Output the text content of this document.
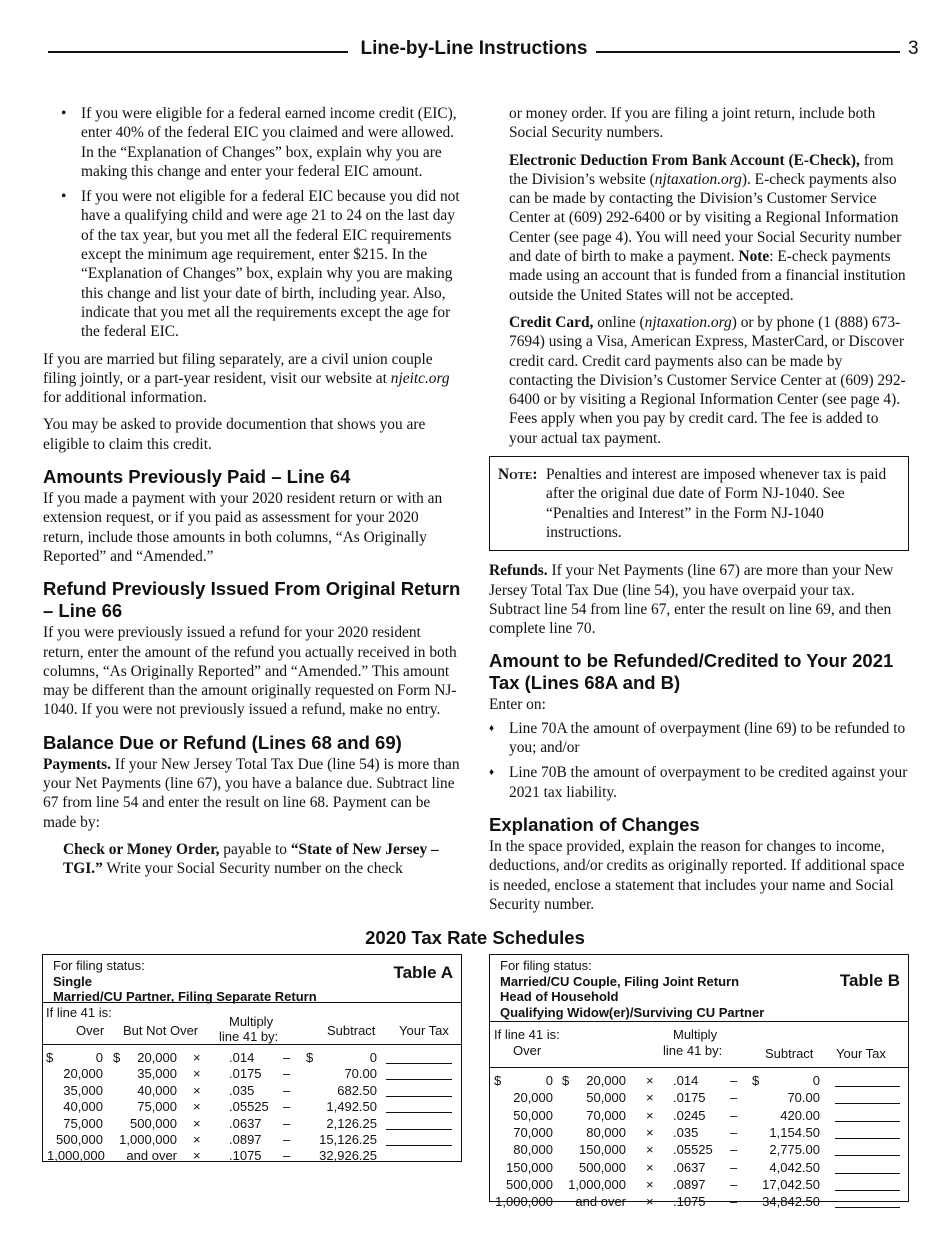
Line-by-Line Instructions	3
• If you were eligible for a federal earned income credit (EIC), enter 40% of the federal EIC you claimed and were allowed. In the “Explanation of Changes” box, explain why you are making this change and enter your federal EIC amount.
• If you were not eligible for a federal EIC because you did not have a qualifying child and were age 21 to 24 on the last day of the tax year, but you met all the federal EIC requirements except the minimum age requirement, enter $215. In the “Explanation of Changes” box, explain why you are making this change and list your date of birth, including year. Also, indicate that you met all the requirements except the age for the federal EIC.

If you are married but filing separately, are a civil union couple filing jointly, or a part-year resident, visit our website at njeitc.org for additional information.

You may be asked to provide documention that shows you are eligible to claim this credit.

Amounts Previously Paid – Line 64

If you made a payment with your 2020 resident return or with an extension request, or if you paid as assessment for your 2020 return, include those amounts in both columns, “As Originally Reported” and “Amended.”

Refund Previously Issued From Original Return – Line 66

If you were previously issued a refund for your 2020 resident return, enter the amount of the refund you actually received in both columns, “As Originally Reported” and “Amended.” This amount may be different than the amount originally requested on Form NJ-1040. If you were not previously issued a refund, make no entry.

Balance Due or Refund (Lines 68 and 69)

Payments. If your New Jersey Total Tax Due (line 54) is more than your Net Payments (line 67), you have a balance due. Subtract line 67 from line 54 and enter the result on line 68. Payment can be made by:

Check or Money Order, payable to “State of New Jersey – TGI.” Write your Social Security number on the check

or money order. If you are filing a joint return, include both Social Security numbers.

Electronic Deduction From Bank Account (E-Check), from the Division’s website (njtaxation.org). E-check payments also can be made by contacting the Division’s Customer Service Center at (609) 292-6400 or by visiting a Regional Information Center (see page 4). You will need your Social Security number and date of birth to make a payment. Note: E-check payments made using an account that is funded from a financial institution outside the United States will not be accepted.

Credit Card, online (njtaxation.org) or by phone (1 (888) 673-7694) using a Visa, American Express, MasterCard, or Discover credit card. Credit card payments also can be made by contacting the Division’s Customer Service Center at (609) 292-6400 or by visiting a Regional Information Center (see page 4). Fees apply when you pay by credit card. The fee is added to your actual tax payment.

Note: Penalties and interest are imposed whenever tax is paid after the original due date of Form NJ-1040. See “Penalties and Interest” in the Form NJ-1040 instructions.

Refunds. If your Net Payments (line 67) are more than your New Jersey Total Tax Due (line 54), you have overpaid your tax. Subtract line 54 from line 67, enter the result on line 69, and then complete line 70.

Amount to be Refunded/Credited to Your 2021 Tax (Lines 68A and B)

Enter on:

♦ Line 70A the amount of overpayment (line 69) to be refunded to you; and/or
♦ Line 70B the amount of overpayment to be credited against your 2021 tax liability.
Explanation of Changes

In the space provided, explain the reason for changes to income, deductions, and/or credits as originally reported. If additional space is needed, enclose a statement that includes your name and Social Security number.

2020 Tax Rate Schedules
For filing status:
Single
Married/CU Partner, Filing Separate Return
Table A
If line 41 is:
Over But Not Over
Multiply
line 41 by:	Subtract Your Tax
$	0 $	20,000 × .014 – $	0
20,000	35,000 × .0175 –	70.00
35,000	40,000 × .035 –	682.50
40,000	75,000 × .05525 –	1,492.50
75,000	500,000 × .0637 –	2,126.25
500,000	1,000,000 × .0897 –	15,126.25
1,000,000	and over × .1075 –	32,926.25
For filing status:
Married/CU Couple, Filing Joint Return
Head of Household
Qualifying Widow(er)/Surviving CU Partner
Table B
If line 41 is:
Over
Multiply
line 41 by:	Subtract Your Tax
$	0 $	20,000 × .014 – $	0
20,000	50,000 × .0175 –	70.00
50,000	70,000 × .0245 –	420.00
70,000	80,000 × .035 –	1,154.50
80,000	150,000 × .05525 –	2,775.00
150,000	500,000 × .0637 –	4,042.50
500,000	1,000,000 × .0897 –	17,042.50
1,000,000	and over × .1075 –	34,842.50
